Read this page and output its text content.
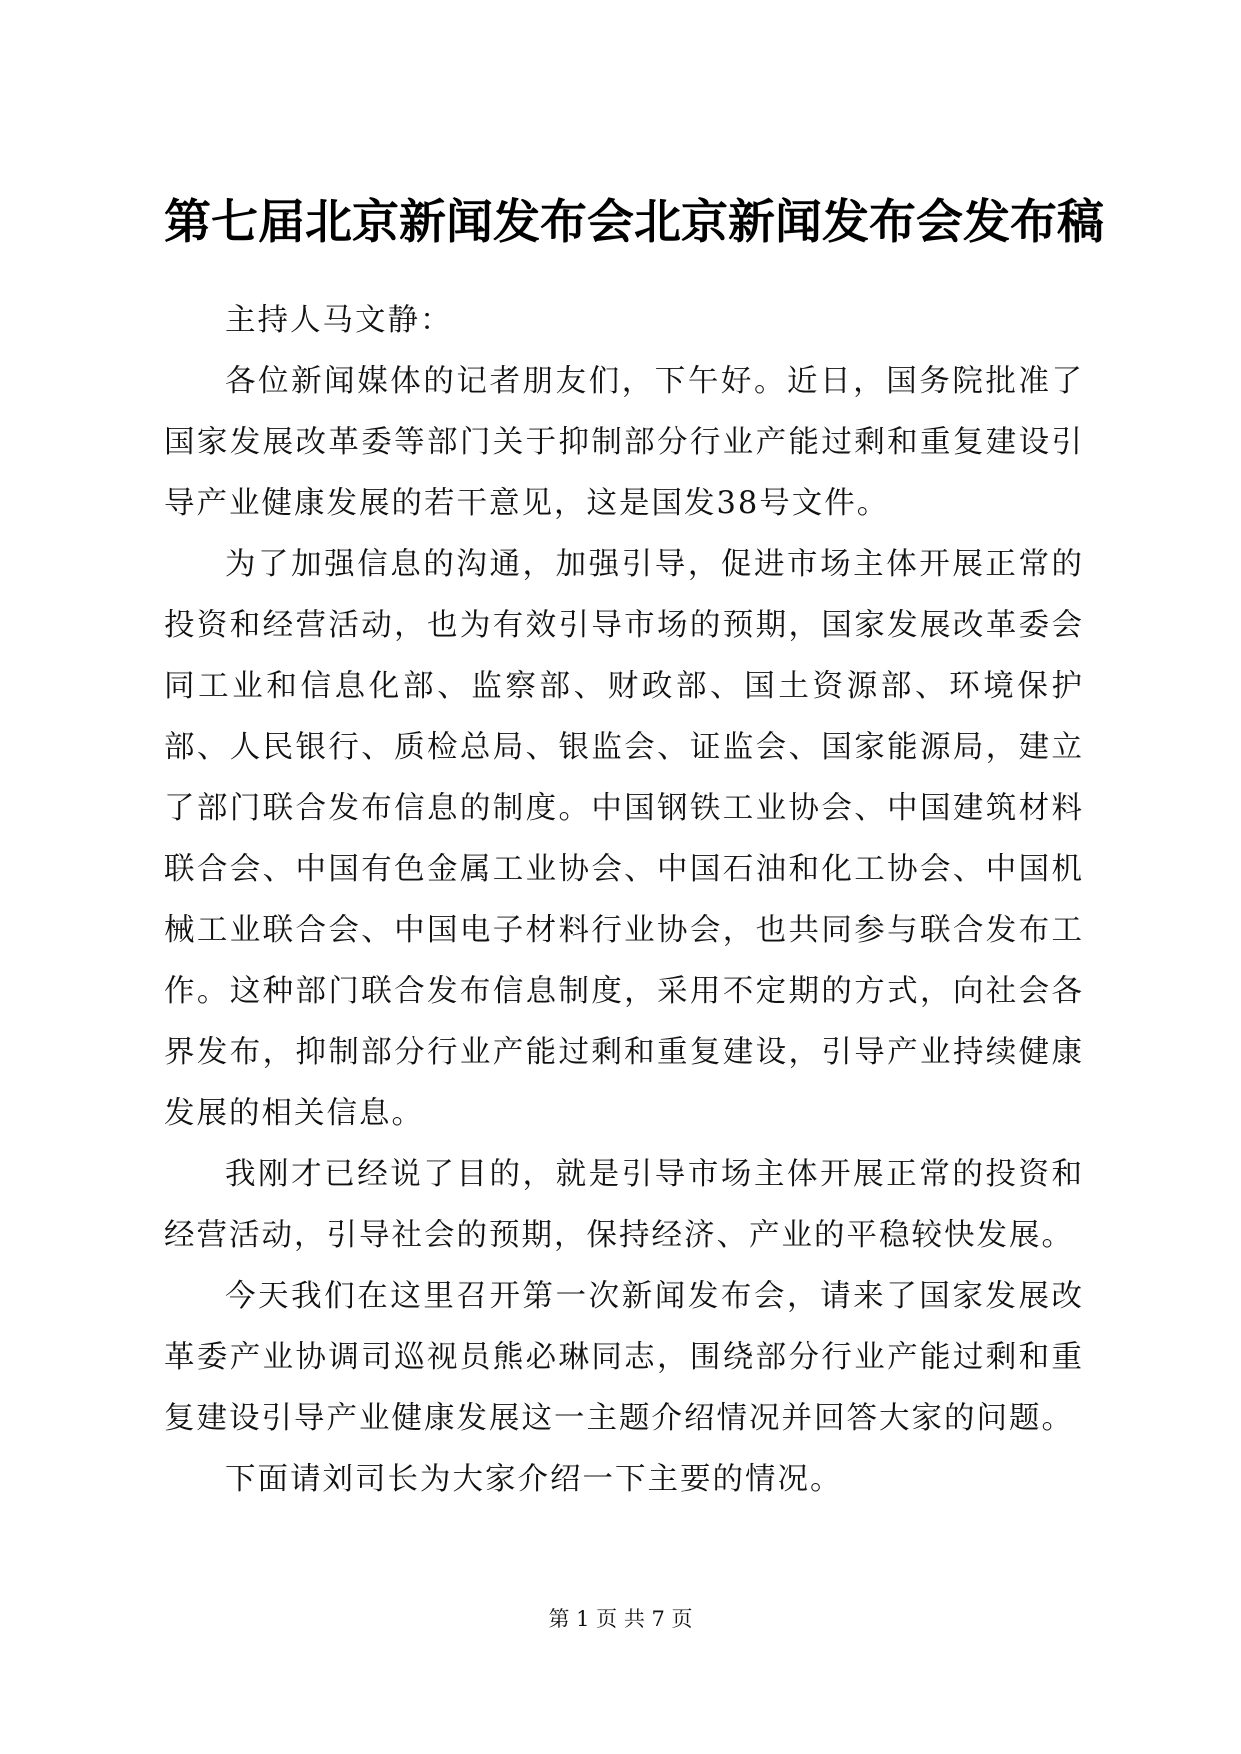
第七届北京新闻发布会北京新闻发布会发布稿

主持人马文静：

各位新闻媒体的记者朋友们，下午好。近日，国务院批准了国家发展改革委等部门关于抑制部分行业产能过剩和重复建设引导产业健康发展的若干意见，这是国发38号文件。

为了加强信息的沟通，加强引导，促进市场主体开展正常的投资和经营活动，也为有效引导市场的预期，国家发展改革委会同工业和信息化部、监察部、财政部、国土资源部、环境保护部、人民银行、质检总局、银监会、证监会、国家能源局，建立了部门联合发布信息的制度。中国钢铁工业协会、中国建筑材料联合会、中国有色金属工业协会、中国石油和化工协会、中国机械工业联合会、中国电子材料行业协会，也共同参与联合发布工作。这种部门联合发布信息制度，采用不定期的方式，向社会各界发布，抑制部分行业产能过剩和重复建设，引导产业持续健康发展的相关信息。

我刚才已经说了目的，就是引导市场主体开展正常的投资和经营活动，引导社会的预期，保持经济、产业的平稳较快发展。

今天我们在这里召开第一次新闻发布会，请来了国家发展改革委产业协调司巡视员熊必琳同志，围绕部分行业产能过剩和重复建设引导产业健康发展这一主题介绍情况并回答大家的问题。

下面请刘司长为大家介绍一下主要的情况。

第 1 页 共 7 页
